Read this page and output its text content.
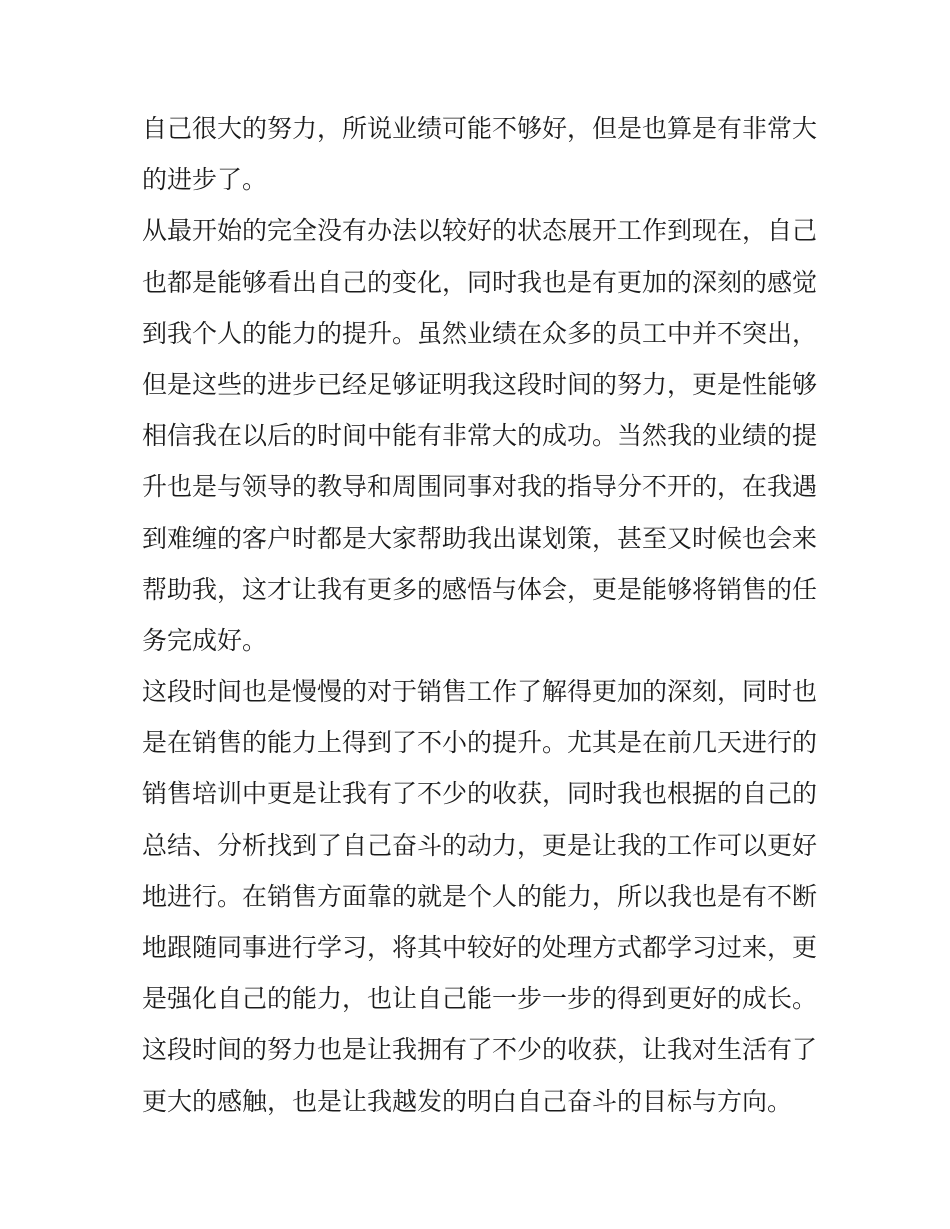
自己很大的努力，所说业绩可能不够好，但是也算是有非常大
的进步了。
从最开始的完全没有办法以较好的状态展开工作到现在，自己
也都是能够看出自己的变化，同时我也是有更加的深刻的感觉
到我个人的能力的提升。虽然业绩在众多的员工中并不突出，
但是这些的进步已经足够证明我这段时间的努力，更是性能够
相信我在以后的时间中能有非常大的成功。当然我的业绩的提
升也是与领导的教导和周围同事对我的指导分不开的，在我遇
到难缠的客户时都是大家帮助我出谋划策，甚至又时候也会来
帮助我，这才让我有更多的感悟与体会，更是能够将销售的任
务完成好。
这段时间也是慢慢的对于销售工作了解得更加的深刻，同时也
是在销售的能力上得到了不小的提升。尤其是在前几天进行的
销售培训中更是让我有了不少的收获，同时我也根据的自己的
总结、分析找到了自己奋斗的动力，更是让我的工作可以更好
地进行。在销售方面靠的就是个人的能力，所以我也是有不断
地跟随同事进行学习，将其中较好的处理方式都学习过来，更
是强化自己的能力，也让自己能一步一步的得到更好的成长。
这段时间的努力也是让我拥有了不少的收获，让我对生活有了
更大的感触，也是让我越发的明白自己奋斗的目标与方向。
